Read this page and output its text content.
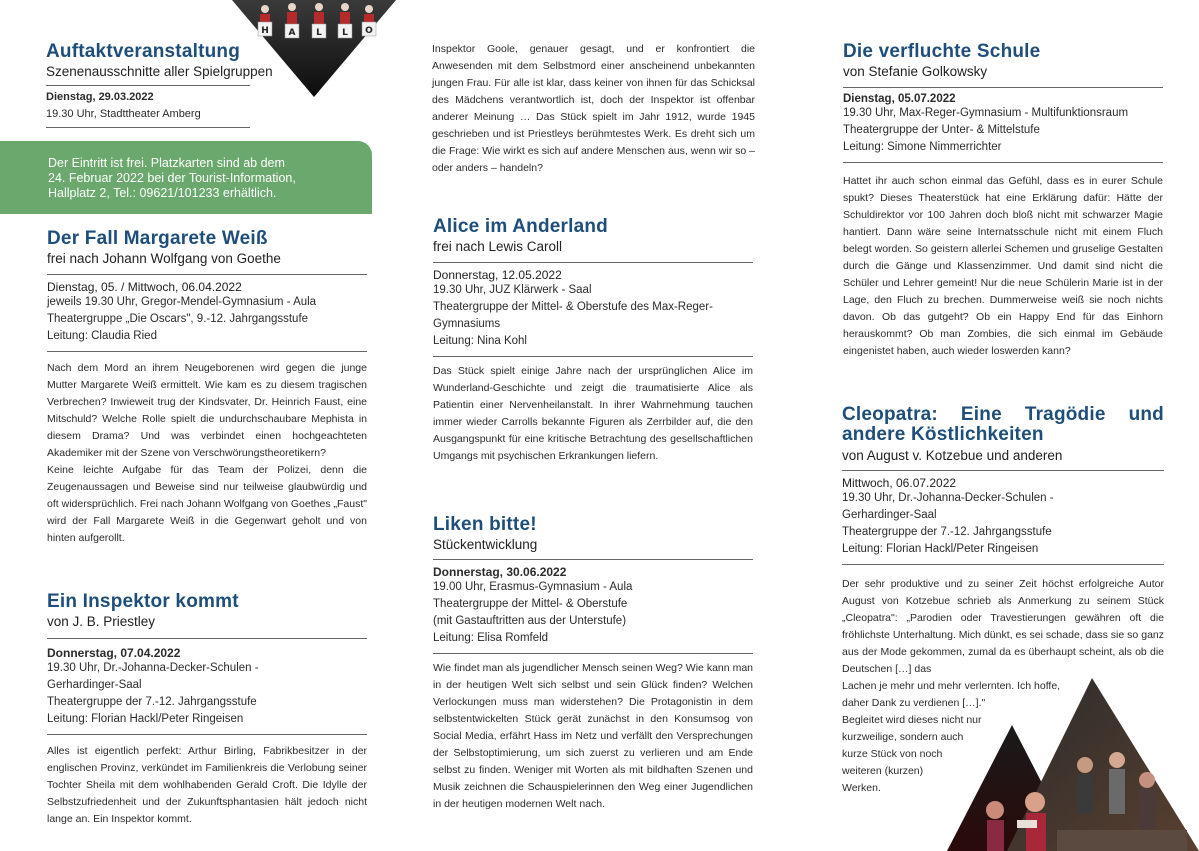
H A L L O
Auftaktveranstaltung
Szenenausschnitte aller Spielgruppen
Dienstag, 29.03.2022
19.30 Uhr, Stadttheater Amberg
Der Eintritt ist frei. Platzkarten sind ab dem
24. Februar 2022 bei der Tourist-Information,
Hallplatz 2, Tel.: 09621/101233 erhältlich.
Der Fall Margarete Weiß
frei nach Johann Wolfgang von Goethe
Dienstag, 05. / Mittwoch, 06.04.2022
jeweils 19.30 Uhr, Gregor-Mendel-Gymnasium - Aula
Theatergruppe „Die Oscars", 9.-12. Jahrgangsstufe
Leitung: Claudia Ried

Nach dem Mord an ihrem Neugeborenen wird gegen die junge Mutter Margarete Weiß ermittelt. Wie kam es zu diesem tragischen Verbrechen? Inwieweit trug der Kindsvater, Dr. Heinrich Faust, eine Mitschuld? Welche Rolle spielt die undurchschaubare Mephista in diesem Drama? Und was verbindet einen hochgeachteten Akademiker mit der Szene von Verschwörungstheoretikern?

Keine leichte Aufgabe für das Team der Polizei, denn die Zeugenaussagen und Beweise sind nur teilweise glaubwürdig und oft widersprüchlich. Frei nach Johann Wolfgang von Goethes „Faust" wird der Fall Margarete Weiß in die Gegenwart geholt und von hinten aufgerollt.

Ein Inspektor kommt
von J. B. Priestley
Donnerstag, 07.04.2022
19.30 Uhr, Dr.-Johanna-Decker-Schulen -
Gerhardinger-Saal
Theatergruppe der 7.-12. Jahrgangsstufe
Leitung: Florian Hackl/Peter Ringeisen

Alles ist eigentlich perfekt: Arthur Birling, Fabrikbesitzer in der englischen Provinz, verkündet im Familienkreis die Verlobung seiner Tochter Sheila mit dem wohlhabenden Gerald Croft. Die Idylle der Selbstzufriedenheit und der Zukunftsphantasien hält jedoch nicht lange an. Ein Inspektor kommt.

Inspektor Goole, genauer gesagt, und er konfrontiert die Anwesenden mit dem Selbstmord einer anscheinend unbekannten jungen Frau. Für alle ist klar, dass keiner von ihnen für das Schicksal des Mädchens verantwortlich ist, doch der Inspektor ist offenbar anderer Meinung … Das Stück spielt im Jahr 1912, wurde 1945 geschrieben und ist Priestleys berühmtestes Werk. Es dreht sich um die Frage: Wie wirkt es sich auf andere Menschen aus, wenn wir so – oder anders – handeln?

Alice im Anderland
frei nach Lewis Caroll
Donnerstag, 12.05.2022
19.30 Uhr, JUZ Klärwerk - Saal
Theatergruppe der Mittel- & Oberstufe des Max-Reger-
Gymnasiums
Leitung: Nina Kohl

Das Stück spielt einige Jahre nach der ursprünglichen Alice im Wunderland-Geschichte und zeigt die traumatisierte Alice als Patientin einer Nervenheilanstalt. In ihrer Wahrnehmung tauchen immer wieder Carrolls bekannte Figuren als Zerrbilder auf, die den Ausgangspunkt für eine kritische Betrachtung des gesellschaftlichen Umgangs mit psychischen Erkrankungen liefern.

Liken bitte!
Stückentwicklung
Donnerstag, 30.06.2022
19.00 Uhr, Erasmus-Gymnasium - Aula
Theatergruppe der Mittel- & Oberstufe
(mit Gastauftritten aus der Unterstufe)
Leitung: Elisa Romfeld

Wie findet man als jugendlicher Mensch seinen Weg? Wie kann man in der heutigen Welt sich selbst und sein Glück finden? Welchen Verlockungen muss man widerstehen? Die Protagonistin in dem selbstentwickelten Stück gerät zunächst in den Konsumsog von Social Media, erfährt Hass im Netz und verfällt den Versprechungen der Selbstoptimierung, um sich zuerst zu verlieren und am Ende selbst zu finden. Weniger mit Worten als mit bildhaften Szenen und Musik zeichnen die Schauspielerinnen den Weg einer Jugendlichen in der heutigen modernen Welt nach.

Die verfluchte Schule
von Stefanie Golkowsky
Dienstag, 05.07.2022
19.30 Uhr, Max-Reger-Gymnasium - Multifunktionsraum
Theatergruppe der Unter- & Mittelstufe
Leitung: Simone Nimmerrichter

Hattet ihr auch schon einmal das Gefühl, dass es in eurer Schule spukt? Dieses Theaterstück hat eine Erklärung dafür: Hätte der Schuldirektor vor 100 Jahren doch bloß nicht mit schwarzer Magie hantiert. Dann wäre seine Internatsschule nicht mit einem Fluch belegt worden. So geistern allerlei Schemen und gruselige Gestalten durch die Gänge und Klassenzimmer. Und damit sind nicht die Schüler und Lehrer gemeint! Nur die neue Schülerin Marie ist in der Lage, den Fluch zu brechen. Dummerweise weiß sie noch nichts davon. Ob das gutgeht? Ob ein Happy End für das Einhorn herauskommt? Ob man Zombies, die sich einmal im Gebäude eingenistet haben, auch wieder loswerden kann?

Cleopatra: Eine Tragödie und
andere Köstlichkeiten
von August v. Kotzebue und anderen
Mittwoch, 06.07.2022
19.30 Uhr, Dr.-Johanna-Decker-Schulen -
Gerhardinger-Saal
Theatergruppe der 7.-12. Jahrgangsstufe
Leitung: Florian Hackl/Peter Ringeisen

Der sehr produktive und zu seiner Zeit höchst erfolgreiche Autor August von Kotzebue schrieb als Anmerkung zu seinem Stück „Cleopatra": „Parodien oder Travestierungen gewähren oft die fröhlichste Unterhaltung. Mich dünkt, es sei schade, dass sie so ganz aus der Mode gekommen, zumal da es überhaupt scheint, als ob die Deutschen […] das

Lachen je mehr und mehr verlernten. Ich hoffe,
daher Dank zu verdienen […]."
Begleitet wird dieses nicht nur
kurzweilige, sondern auch
kurze Stück von noch
weiteren (kurzen)
Werken.
